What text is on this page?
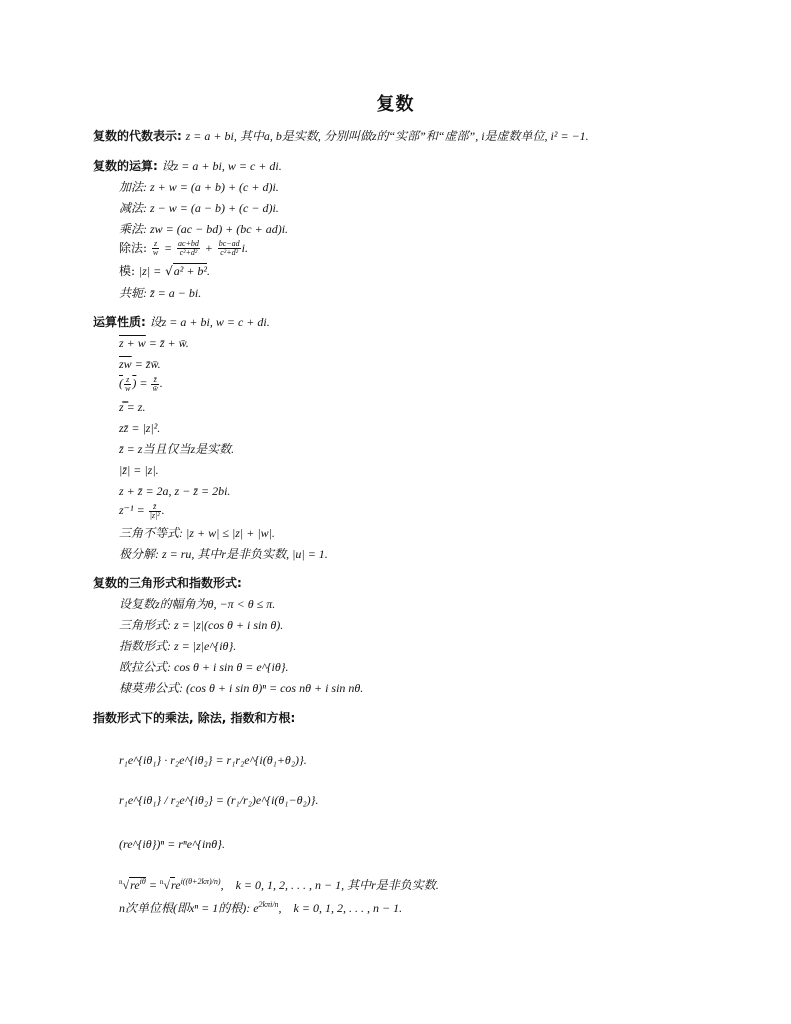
复数
复数的代数表示: z = a + bi, 其中a, b是实数, 分别叫做z的“实部”和“虚部”, i是虚数单位, i² = −1.
复数的运算: 设z = a + bi, w = c + di.
加法: z + w = (a + b) + (c + d)i.
减法: z − w = (a − b) + (c − d)i.
乘法: zw = (ac − bd) + (bc + ad)i.
除法: $\frac{z}{w} = \frac{ac+bd}{\text{c²+d²}} + \frac{bc-ad}{\text{c²+d²}} i$.
模: |z| = √a² + b².
共轭: z̄ = a − bi.
运算性质: 设z = a + bi, w = c + di.
z + w = z̄ + w̄.
$\overline{zw}$ = z̄w̄.
( $\frac{z}{w}$ ) = $\frac{z̄}{w̄}$ .
z̿ = z.
zz̄ = |z|².
z̄ = z当且仅当z是实数.
|z̄| = |z|.
z + z̄ = 2a, z − z̄ = 2bi.
$z^{-1} = \frac{z̄}{\text{|z|²}}$ .
三角不等式: |z + w| ≤ |z| + |w|.
极分解: z = ru, 其中r是非负实数, |u| = 1.
复数的三角形式和指数形式:
设复数z的幅角为θ, −π < θ ≤ π.
三角形式: z = |z|(cos θ + i sin θ).
指数形式: z = |z|e^{iθ}.
欧拉公式: cos θ + i sin θ = e^{iθ}.
棣莫弗公式: (cos θ + i sin θ)ⁿ = cos nθ + i sin nθ.
指数形式下的乘法, 除法, 指数和方根:
r₁e^{iθ₁} · r₂e^{iθ₂} = r₁r₂e^{i(θ₁+θ₂)}.
r₁e^{iθ₁} / r₂e^{iθ₂} = (r₁/r₂)e^{i(θ₁−θ₂)}.
(re^{iθ})ⁿ = rⁿe^{inθ}.
$^n√re^{i\theta} = ^n√re^{i((\theta+2k\pi)/n)}$,    k = 0, 1, 2, . . . , n − 1, 其中r是非负实数.
n次单位根(即xⁿ = 1的根): $e^{2k\pi i/n}$,    k = 0, 1, 2, . . . , n − 1.
